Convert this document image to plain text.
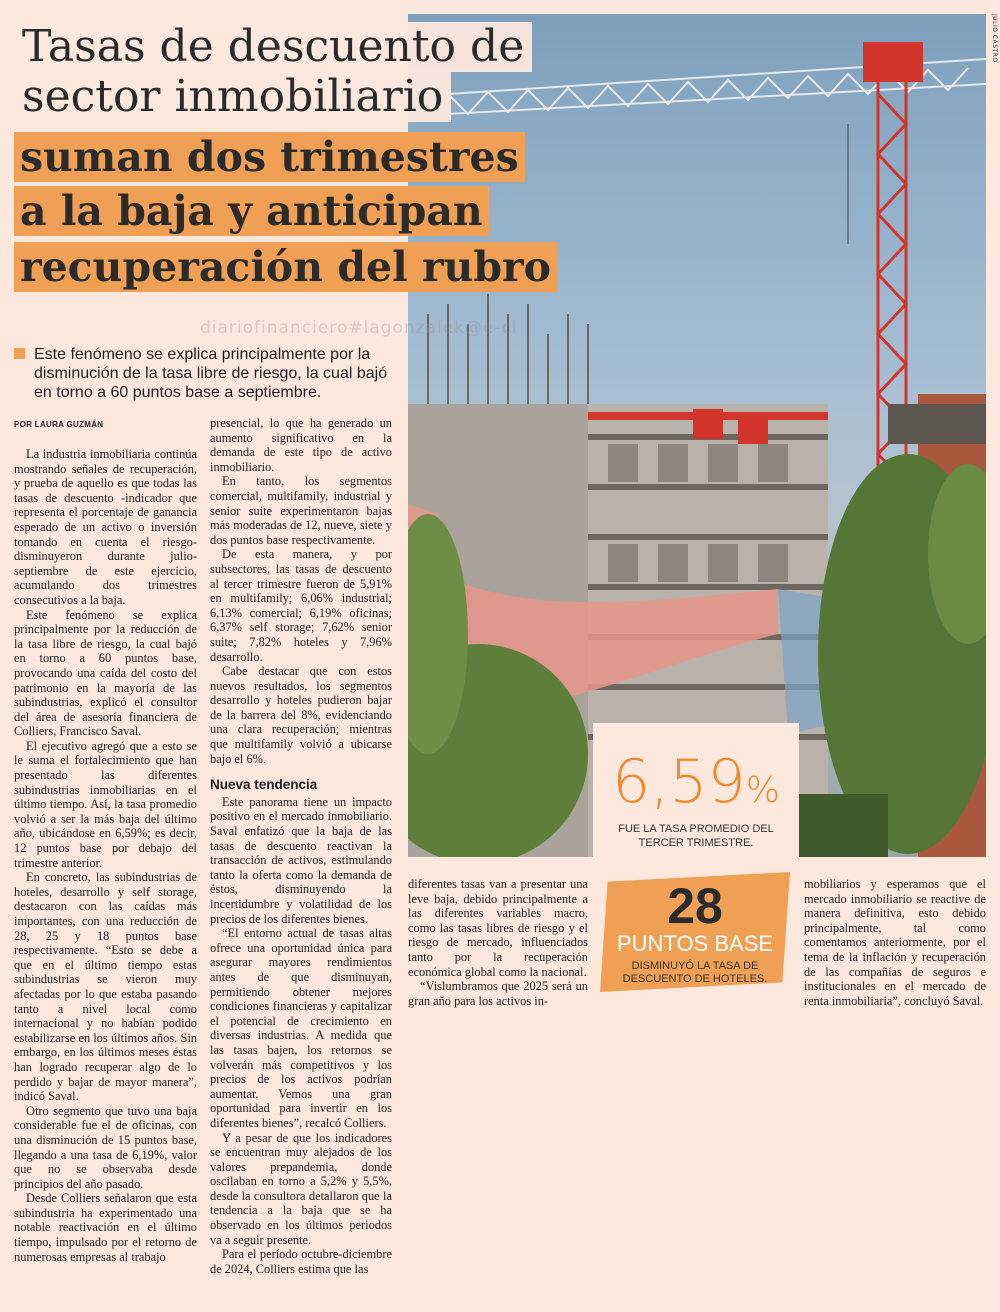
JULIO CASTRO
Tasas de descuento de
sector inmobiliario
suman dos trimestres
a la baja y anticipan
recuperación del rubro
diariofinanciero#lagonzalek@e-cl
Este fenómeno se explica principalmente por la disminución de la tasa libre de riesgo, la cual bajó en torno a 60 puntos base a septiembre.
POR LAURA GUZMÁN

La industria inmobiliaria continúa mostrando señales de recuperación, y prueba de aquello es que todas las tasas de descuento -indicador que representa el porcentaje de ganancia esperado de un activo o inversión tomando en cuenta el riesgo- disminuyeron durante julio-septiembre de este ejercicio, acumulando dos trimestres consecutivos a la baja.

Este fenómeno se explica principalmente por la reducción de la tasa libre de riesgo, la cual bajó en torno a 60 puntos base, provocando una caída del costo del patrimonio en la mayoría de las subindustrias, explicó el consultor del área de asesoría financiera de Colliers, Francisco Saval.

El ejecutivo agregó que a esto se le suma el fortalecimiento que han presentado las diferentes subindustrias inmobiliarias en el último tiempo. Así, la tasa promedio volvió a ser la más baja del último año, ubicándose en 6,59%; es decir, 12 puntos base por debajo del trimestre anterior.

En concreto, las subindustrias de hoteles, desarrollo y self storage, destacaron con las caídas más importantes, con una reducción de 28, 25 y 18 puntos base respectivamente. “Esto se debe a que en el último tiempo estas subindustrias se vieron muy afectadas por lo que estaba pasando tanto a nivel local como internacional y no habían podido estabilizarse en los últimos años. Sin embargo, en los últimos meses éstas han logrado recuperar algo de lo perdido y bajar de mayor manera”, indicó Saval.

Otro segmento que tuvo una baja considerable fue el de oficinas, con una disminución de 15 puntos base, llegando a una tasa de 6,19%, valor que no se observaba desde principios del año pasado.

Desde Colliers señalaron que esta subindustria ha experimentado una notable reactivación en el último tiempo, impulsado por el retorno de numerosas empresas al trabajo

presencial, lo que ha generado un aumento significativo en la demanda de este tipo de activo inmobiliario.

En tanto, los segmentos comercial, multifamily, industrial y senior suite experimentaron bajas más moderadas de 12, nueve, siete y dos puntos base respectivamente.

De esta manera, y por subsectores, las tasas de descuento al tercer trimestre fueron de 5,91% en multifamily; 6,06% industrial; 6,13% comercial; 6,19% oficinas; 6,37% self storage; 7,62% senior suite; 7,82% hoteles y 7,96% desarrollo.

Cabe destacar que con estos nuevos resultados, los segmentos desarrollo y hoteles pudieron bajar de la barrera del 8%, evidenciando una clara recuperación; mientras que multifamily volvió a ubicarse bajo el 6%.

Nueva tendencia

Este panorama tiene un impacto positivo en el mercado inmobiliario. Saval enfatizó que la baja de las tasas de descuento reactivan la transacción de activos, estimulando tanto la oferta como la demanda de éstos, disminuyendo la incertidumbre y volatilidad de los precios de los diferentes bienes.

“El entorno actual de tasas altas ofrece una oportunidad única para asegurar mayores rendimientos antes de que disminuyan, permitiendo obtener mejores condiciones financieras y capitalizar el potencial de crecimiento en diversas industrias. A medida que las tasas bajen, los retornos se volverán más competitivos y los precios de los activos podrían aumentar. Vemos una gran oportunidad para invertir en los diferentes bienes”, recalcó Colliers.

Y a pesar de que los indicadores se encuentran muy alejados de los valores prepandemia, donde oscilaban en torno a 5,2% y 5,5%, desde la consultora detallaron que la tendencia a la baja que se ha observado en los últimos periodos va a seguir presente.

Para el período octubre-diciembre de 2024, Colliers estima que las

diferentes tasas van a presentar una leve baja, debido principalmente a las diferentes variables macro, como las tasas libres de riesgo y el riesgo de mercado, influenciados tanto por la recuperación económica global como la nacional.

“Vislumbramos que 2025 será un gran año para los activos in-

mobiliarios y esperamos que el mercado inmobiliario se reactive de manera definitiva, esto debido principalmente, tal como comentamos anteriormente, por el tema de la inflación y recuperación de las compañías de seguros e institucionales en el mercado de renta inmobiliaria”, concluyó Saval.

6,59%
FUE LA TASA PROMEDIO DEL
TERCER TRIMESTRE.
28
PUNTOS BASE
DISMINUYÓ LA TASA DE
DESCUENTO DE HOTELES.
